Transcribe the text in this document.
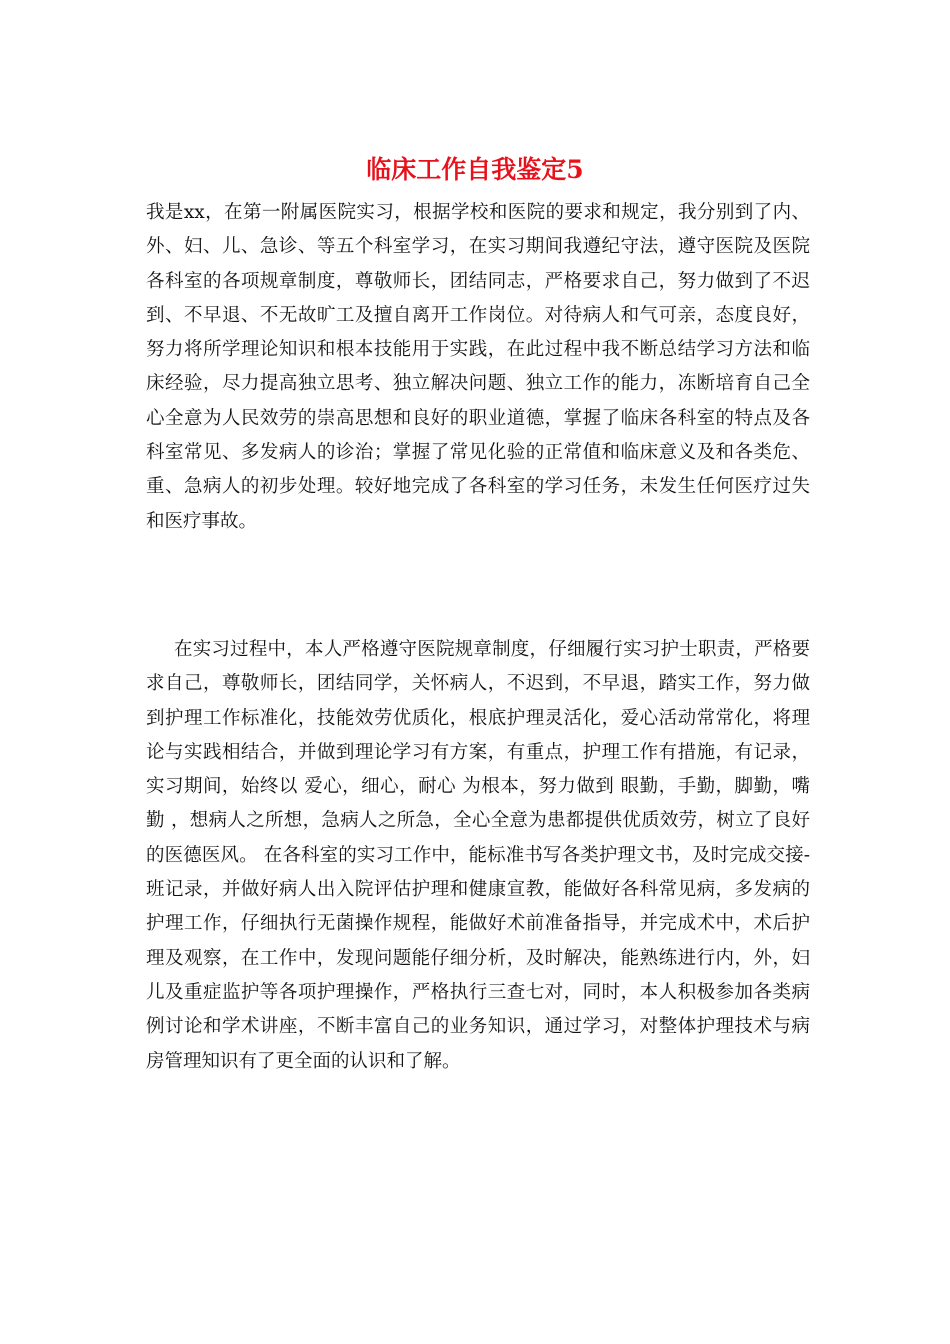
临床工作自我鉴定5

我是xx，在第一附属医院实习，根据学校和医院的要求和规定，我分别到了内、外、妇、儿、急诊、等五个科室学习，在实习期间我遵纪守法，遵守医院及医院各科室的各项规章制度，尊敬师长，团结同志，严格要求自己，努力做到了不迟到、不早退、不无故旷工及擅自离开工作岗位。对待病人和气可亲，态度良好，努力将所学理论知识和根本技能用于实践，在此过程中我不断总结学习方法和临床经验，尽力提高独立思考、独立解决问题、独立工作的能力，冻断培育自己全心全意为人民效劳的崇高思想和良好的职业道德，掌握了临床各科室的特点及各科室常见、多发病人的诊治；掌握了常见化验的正常值和临床意义及和各类危、重、急病人的初步处理。较好地完成了各科室的学习任务，未发生任何医疗过失和医疗事故。

在实习过程中，本人严格遵守医院规章制度，仔细履行实习护士职责，严格要求自己，尊敬师长，团结同学，关怀病人，不迟到，不早退，踏实工作，努力做到护理工作标准化，技能效劳优质化，根底护理灵活化，爱心活动常常化，将理论与实践相结合，并做到理论学习有方案，有重点，护理工作有措施，有记录，实习期间，始终以 爱心，细心，耐心 为根本，努力做到 眼勤，手勤，脚勤，嘴勤 ，想病人之所想，急病人之所急，全心全意为患都提供优质效劳，树立了良好的医德医风。 在各科室的实习工作中，能标准书写各类护理文书，及时完成交接-班记录，并做好病人出入院评估护理和健康宣教，能做好各科常见病，多发病的护理工作，仔细执行无菌操作规程，能做好术前准备指导，并完成术中，术后护理及观察，在工作中，发现问题能仔细分析，及时解决，能熟练进行内，外，妇儿及重症监护等各项护理操作，严格执行三查七对，同时，本人积极参加各类病例讨论和学术讲座，不断丰富自己的业务知识，通过学习，对整体护理技术与病房管理知识有了更全面的认识和了解。
